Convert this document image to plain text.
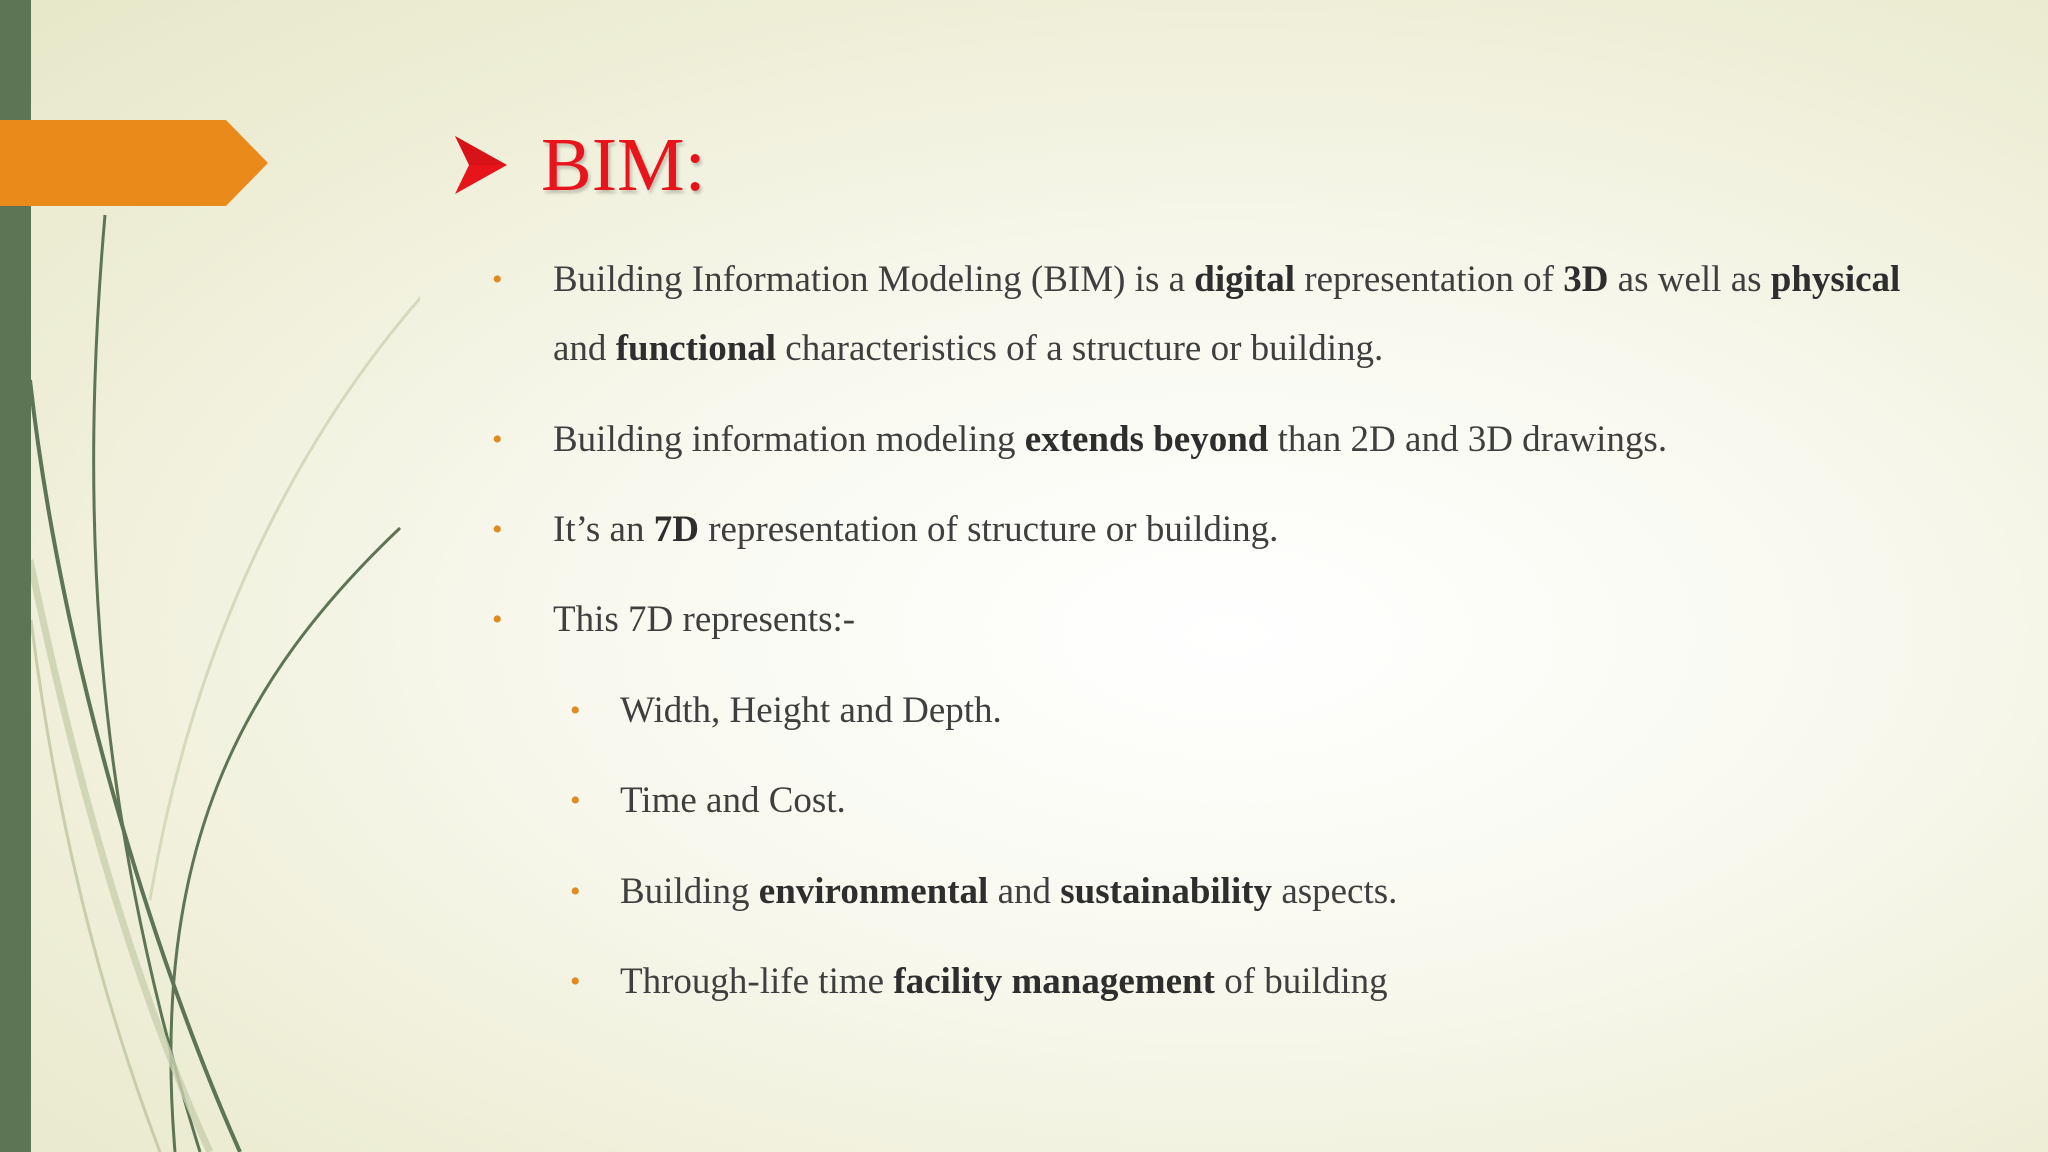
BIM:
• Building Information Modeling (BIM) is a digital representation of 3D as well as physical
and functional characteristics of a structure or building.
• Building information modeling extends beyond than 2D and 3D drawings.
• It’s an 7D representation of structure or building.
• This 7D represents:-
• Width, Height and Depth.
• Time and Cost.
• Building environmental and sustainability aspects.
• Through-life time facility management of building
